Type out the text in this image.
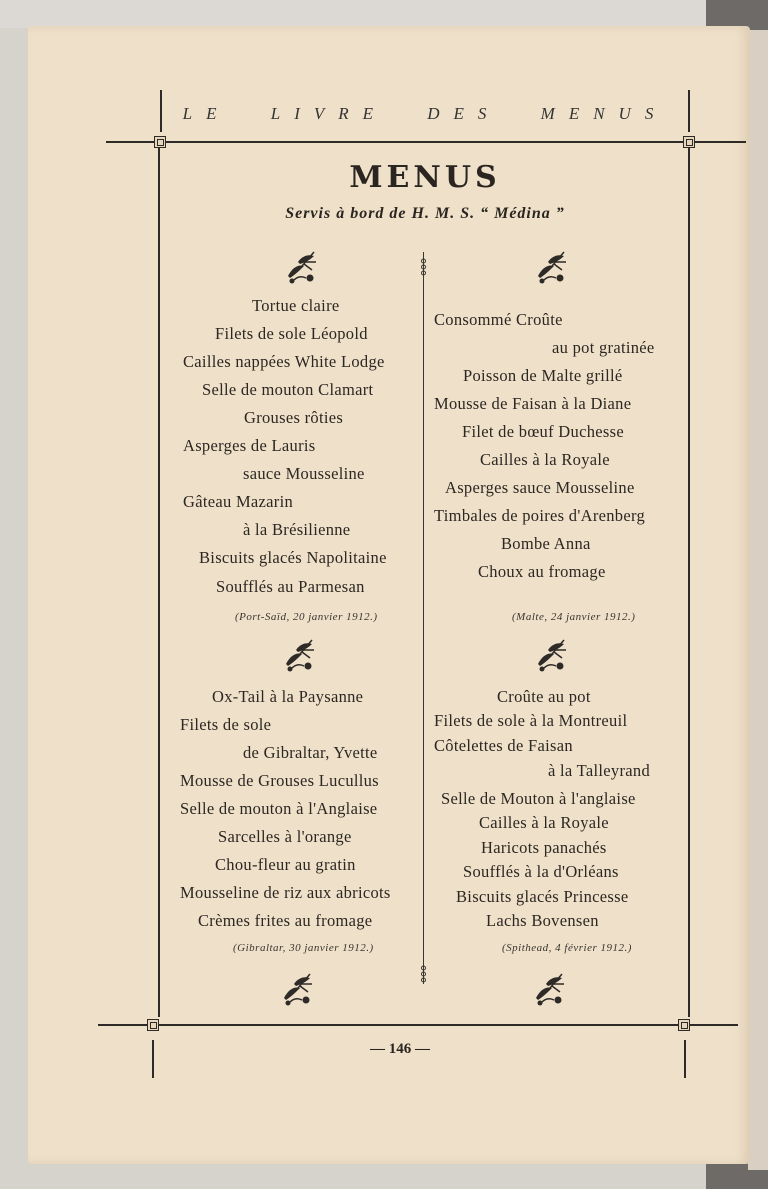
LE LIVRE DES MENUS
MENUS
Servis à bord de H. M. S. “ Médina ”
Tortue claire
Filets de sole Léopold
Cailles nappées White Lodge
Selle de mouton Clamart
Grouses rôties
Asperges de Lauris
sauce Mousseline
Gâteau Mazarin
à la Brésilienne
Biscuits glacés Napolitaine
Soufflés au Parmesan
(Port-Saïd, 20 janvier 1912.)
Consommé Croûte
au pot gratinée
Poisson de Malte grillé
Mousse de Faisan à la Diane
Filet de bœuf Duchesse
Cailles à la Royale
Asperges sauce Mousseline
Timbales de poires d'Arenberg
Bombe Anna
Choux au fromage
(Malte, 24 janvier 1912.)
Ox-Tail à la Paysanne
Filets de sole
de Gibraltar, Yvette
Mousse de Grouses Lucullus
Selle de mouton à l'Anglaise
Sarcelles à l'orange
Chou-fleur au gratin
Mousseline de riz aux abricots
Crèmes frites au fromage
(Gibraltar, 30 janvier 1912.)
Croûte au pot
Filets de sole à la Montreuil
Côtelettes de Faisan
à la Talleyrand
Selle de Mouton à l'anglaise
Cailles à la Royale
Haricots panachés
Soufflés à la d'Orléans
Biscuits glacés Princesse
Lachs Bovensen
(Spithead, 4 février 1912.)
— 146 —
